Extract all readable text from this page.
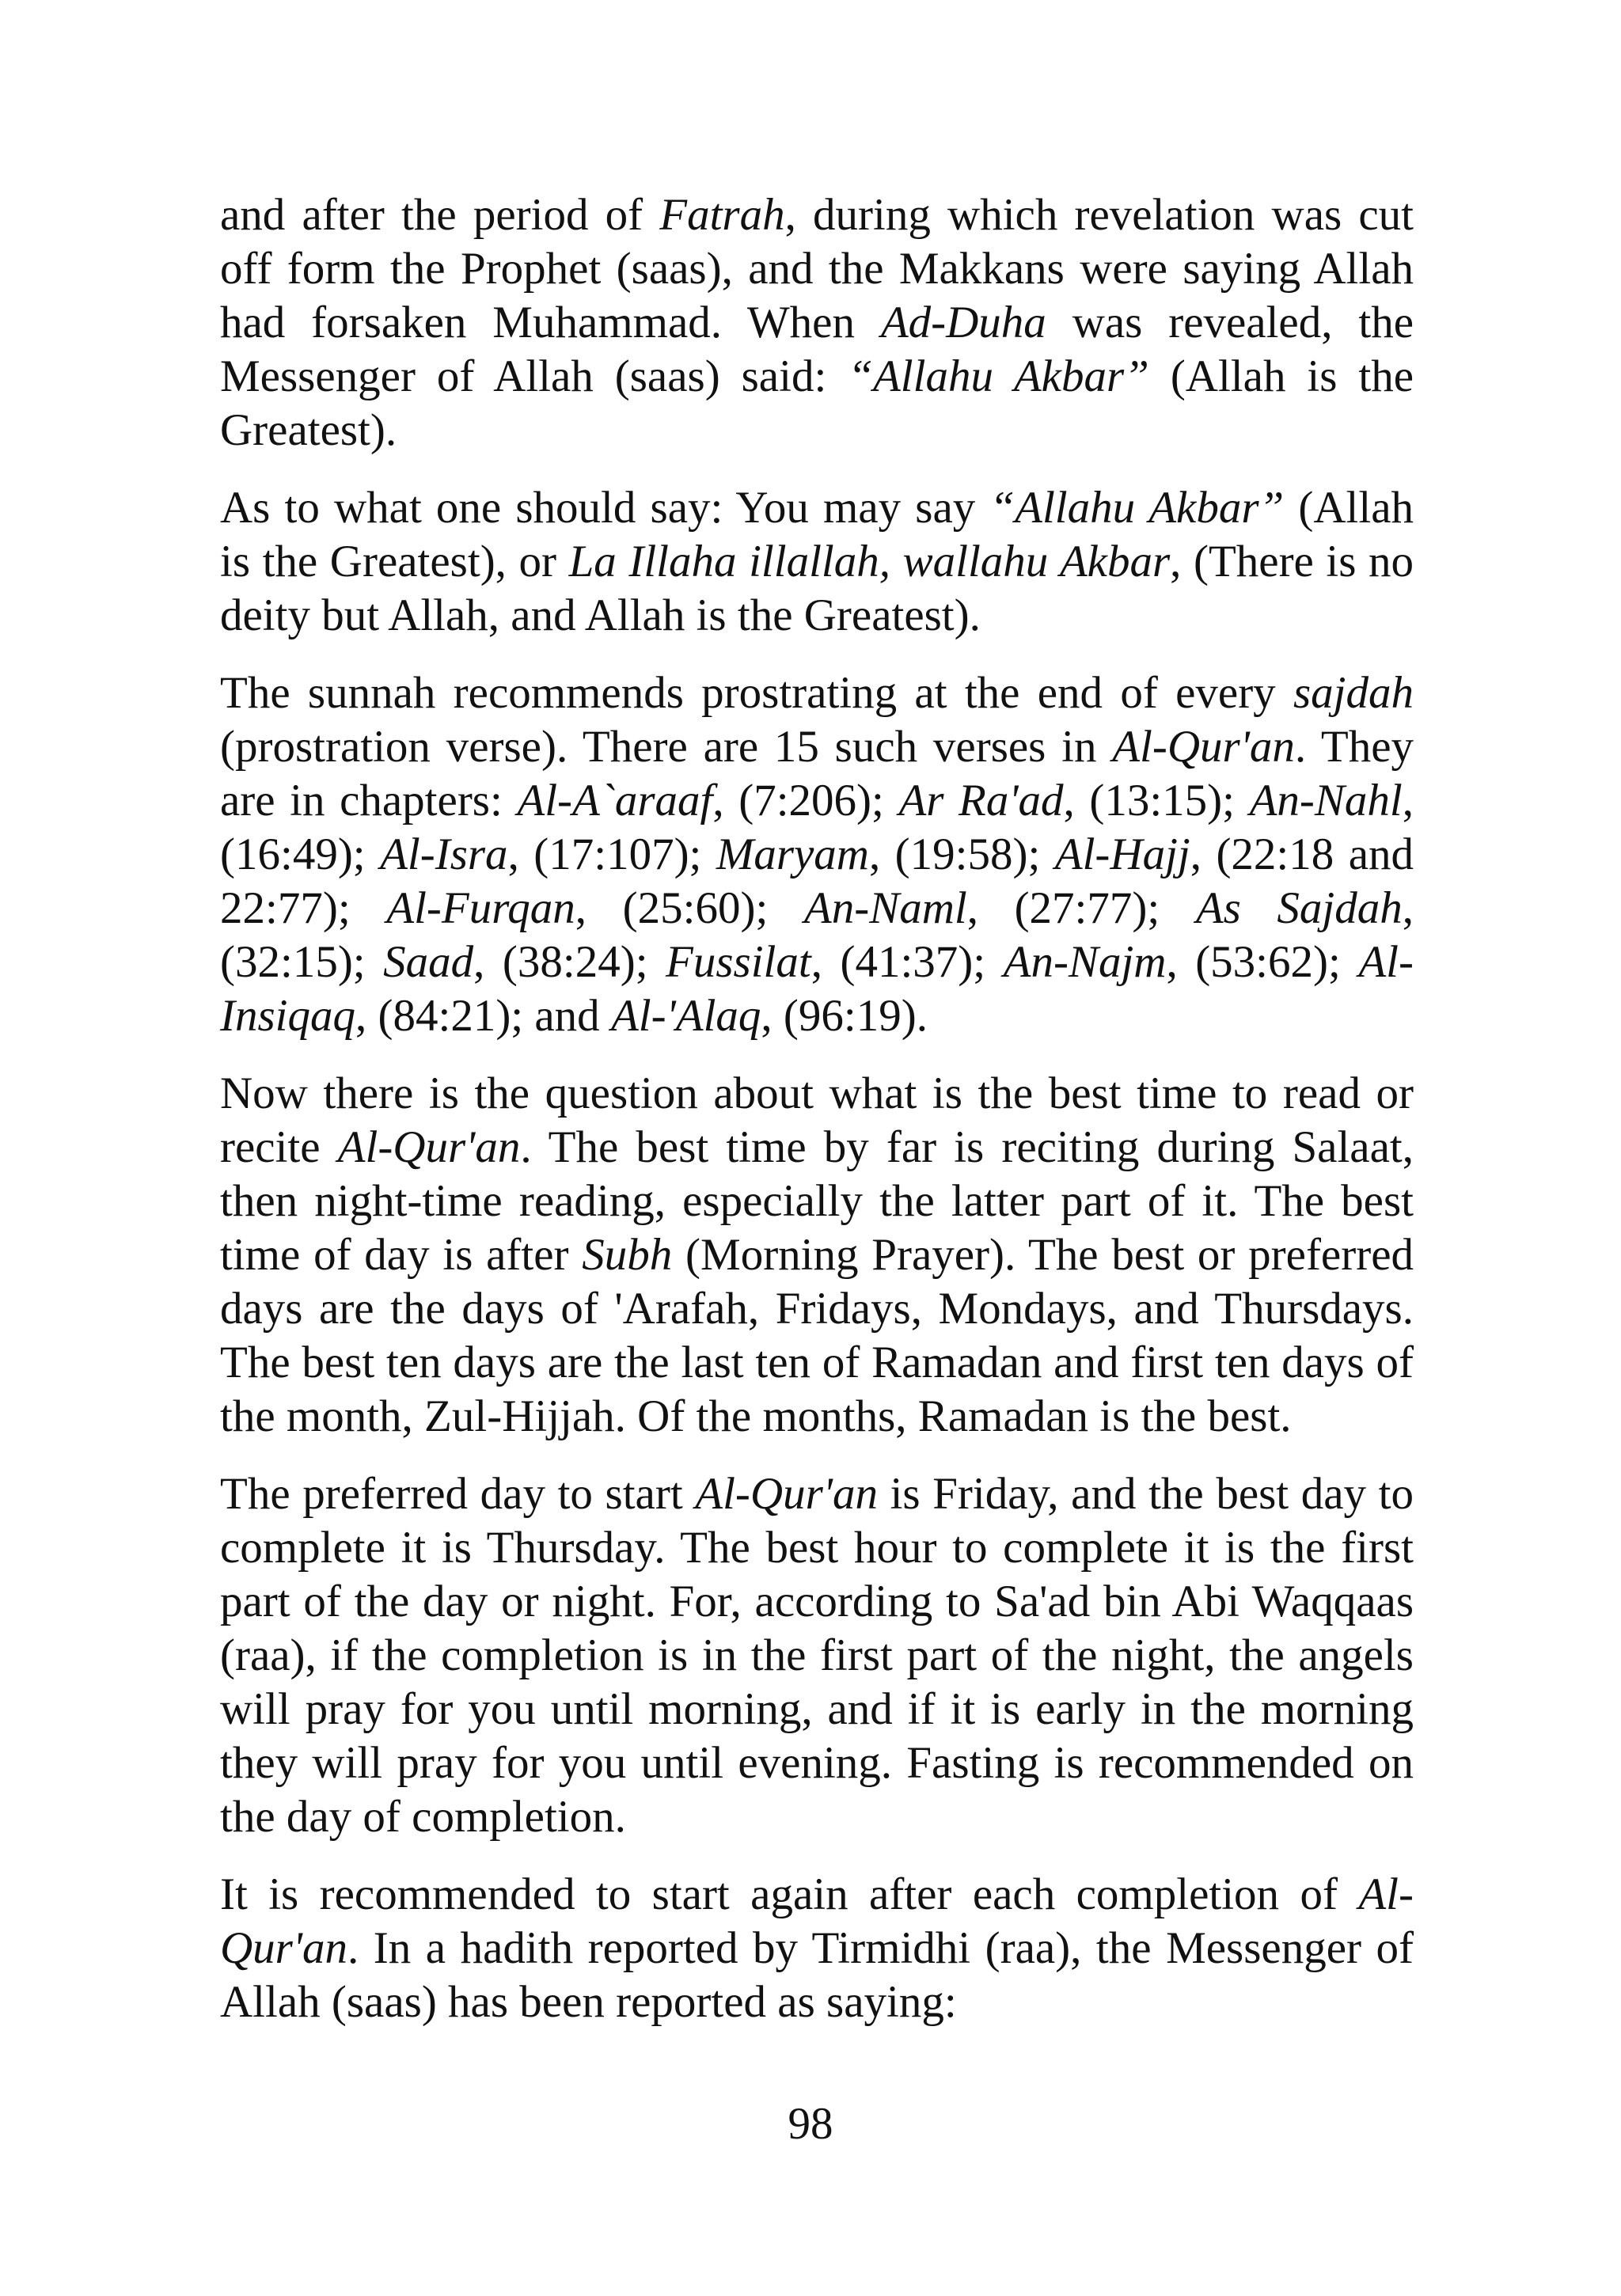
and after the period of Fatrah, during which revelation was cut off form the Prophet (saas), and the Makkans were saying Allah had forsaken Muhammad. When Ad-Duha was revealed, the Messenger of Allah (saas) said: “Allahu Akbar” (Allah is the Greatest).

As to what one should say: You may say “Allahu Akbar” (Allah is the Greatest), or La Illaha illallah, wallahu Akbar, (There is no deity but Allah, and Allah is the Greatest).

The sunnah recommends prostrating at the end of every sajdah (prostration verse). There are 15 such verses in Al-Qur'an. They are in chapters: Al-A`araaf, (7:206); Ar Ra'ad, (13:15); An-Nahl, (16:49); Al-Isra, (17:107); Maryam, (19:58); Al-Hajj, (22:18 and 22:77); Al-Furqan, (25:60); An-Naml, (27:77); As Sajdah, (32:15); Saad, (38:24); Fussilat, (41:37); An-Najm, (53:62); Al-Insiqaq, (84:21); and Al-'Alaq, (96:19).

Now there is the question about what is the best time to read or recite Al-Qur'an. The best time by far is reciting during Salaat, then night-time reading, especially the latter part of it. The best time of day is after Subh (Morning Prayer). The best or preferred days are the days of 'Arafah, Fridays, Mondays, and Thursdays. The best ten days are the last ten of Ramadan and first ten days of the month, Zul-Hijjah. Of the months, Ramadan is the best.

The preferred day to start Al-Qur'an is Friday, and the best day to complete it is Thursday. The best hour to complete it is the first part of the day or night. For, according to Sa'ad bin Abi Waqqaas (raa), if the completion is in the first part of the night, the angels will pray for you until morning, and if it is early in the morning they will pray for you until evening. Fasting is recommended on the day of completion.

It is recommended to start again after each completion of Al-Qur'an. In a hadith reported by Tirmidhi (raa), the Messenger of Allah (saas) has been reported as saying:

98
